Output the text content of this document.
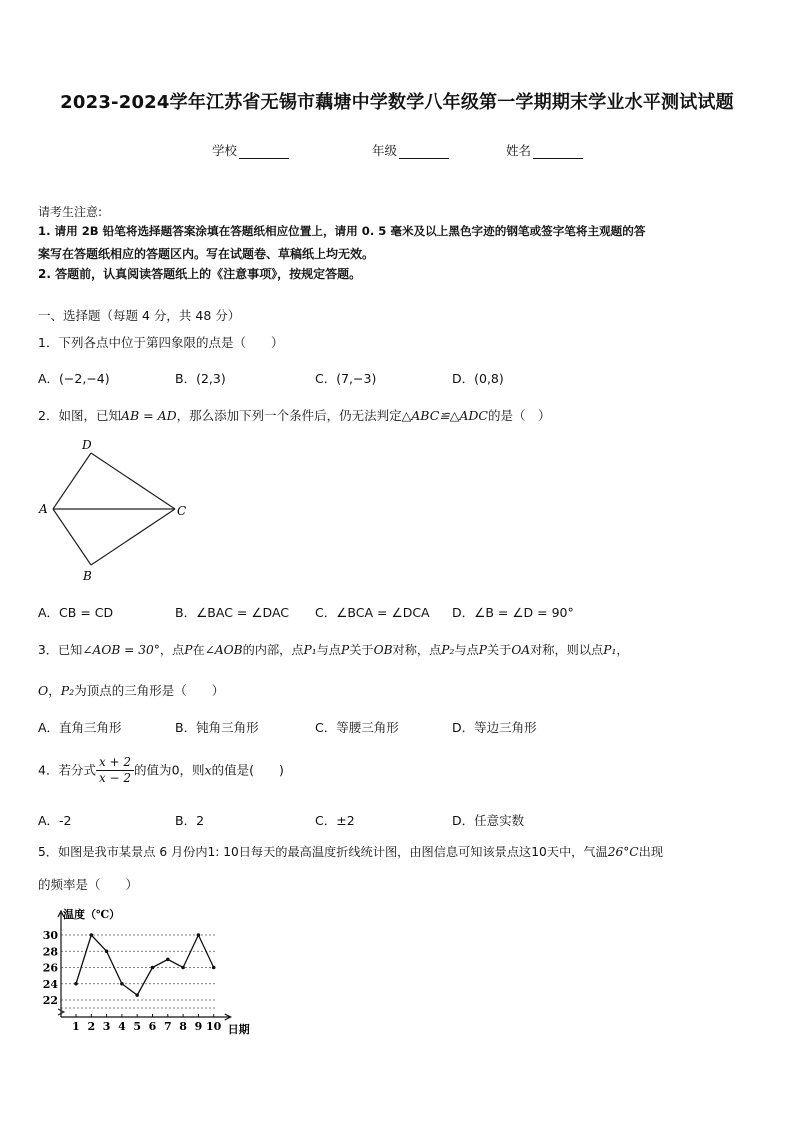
2023-2024学年江苏省无锡市藕塘中学数学八年级第一学期期末学业水平测试试题
学校	年级	姓名
请考生注意:
1. 请用 2B 铅笔将选择题答案涂填在答题纸相应位置上，请用 0. 5 毫米及以上黑色字迹的钢笔或签字笔将主观题的答
案写在答题纸相应的答题区内。写在试题卷、草稿纸上均无效。
2. 答题前，认真阅读答题纸上的《注意事项》，按规定答题。
一、选择题（每题 4 分，共 48 分）
1．下列各点中位于第四象限的点是（　　）
A．(−2,−4)	B．(2,3)	C．(7,−3)	D．(0,8)
2．如图，已知AB = AD，那么添加下列一个条件后，仍无法判定△ABC≌△ADC的是（　）
D
A	C
B
A．CB = CD	B．∠BAC = ∠DAC C．∠BCA = ∠DCA D．∠B = ∠D = 90°
3．已知∠AOB = 30°，点P在∠AOB的内部，点P₁与点P关于OB对称，点P₂与点P关于OA对称，则以点P₁，
O，P₂为顶点的三角形是（　　）
A．直角三角形	B．钝角三角形	C．等腰三角形	D．等边三角形
4．若分式 $\frac{x + 2}{x - 2}$ 的值为0，则x的值是(　　)
A．-2	B．2	C．±2	D．任意实数
5．如图是我市某景点 6 月份内1: 10日每天的最高温度折线统计图，由图信息可知该景点这10天中，气温26°C出现
的频率是（　　）
22
24
26
28
30
1 2 3 4 5 6 7 8 9 10
温度（℃）
日期
